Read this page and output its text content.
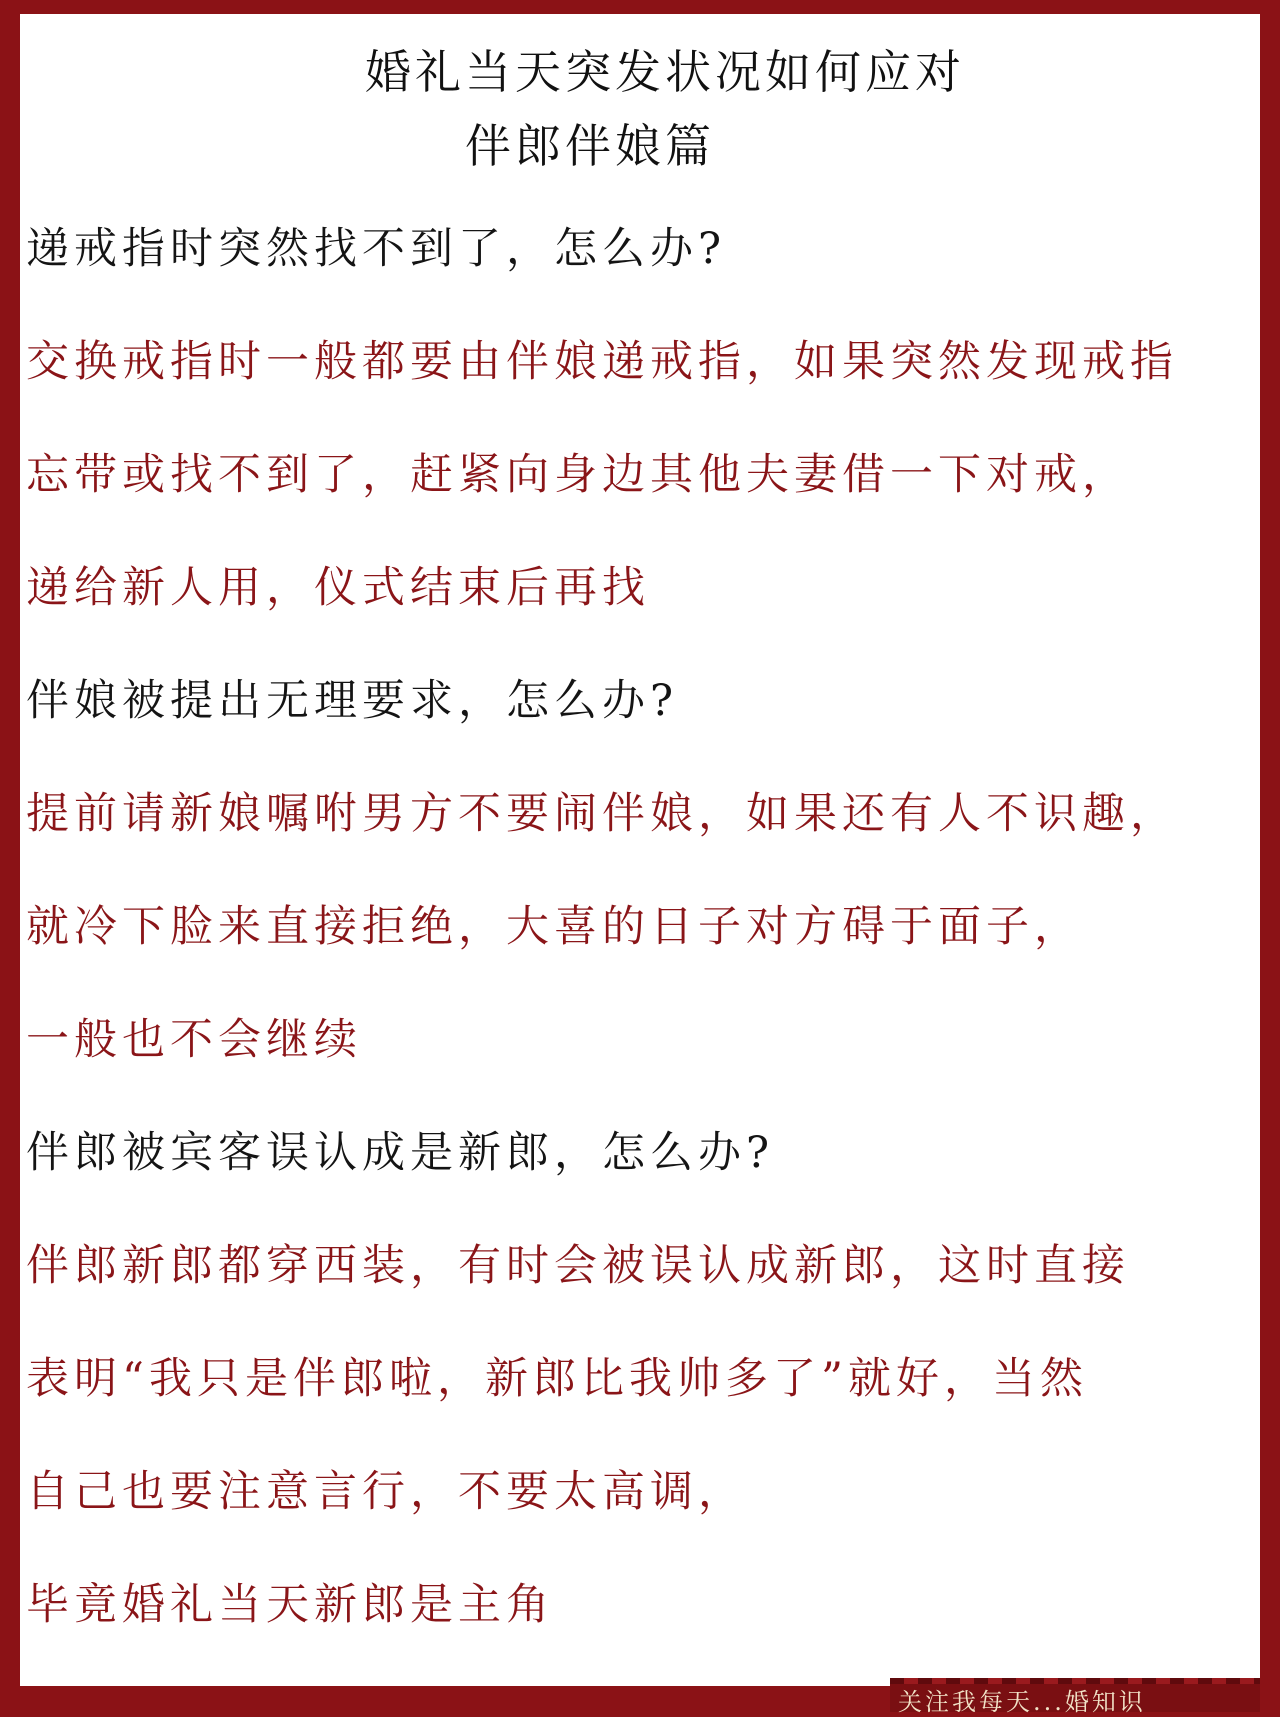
婚礼当天突发状况如何应对
伴郎伴娘篇
递戒指时突然找不到了，怎么办?
交换戒指时一般都要由伴娘递戒指，如果突然发现戒指
忘带或找不到了，赶紧向身边其他夫妻借一下对戒，
递给新人用，仪式结束后再找
伴娘被提出无理要求，怎么办?
提前请新娘嘱咐男方不要闹伴娘，如果还有人不识趣，
就冷下脸来直接拒绝，大喜的日子对方碍于面子，
一般也不会继续
伴郎被宾客误认成是新郎，怎么办?
伴郎新郎都穿西装，有时会被误认成新郎，这时直接
表明“我只是伴郎啦，新郎比我帅多了”就好，当然
自己也要注意言行，不要太高调，
毕竟婚礼当天新郎是主角
关注我每天...婚知识
